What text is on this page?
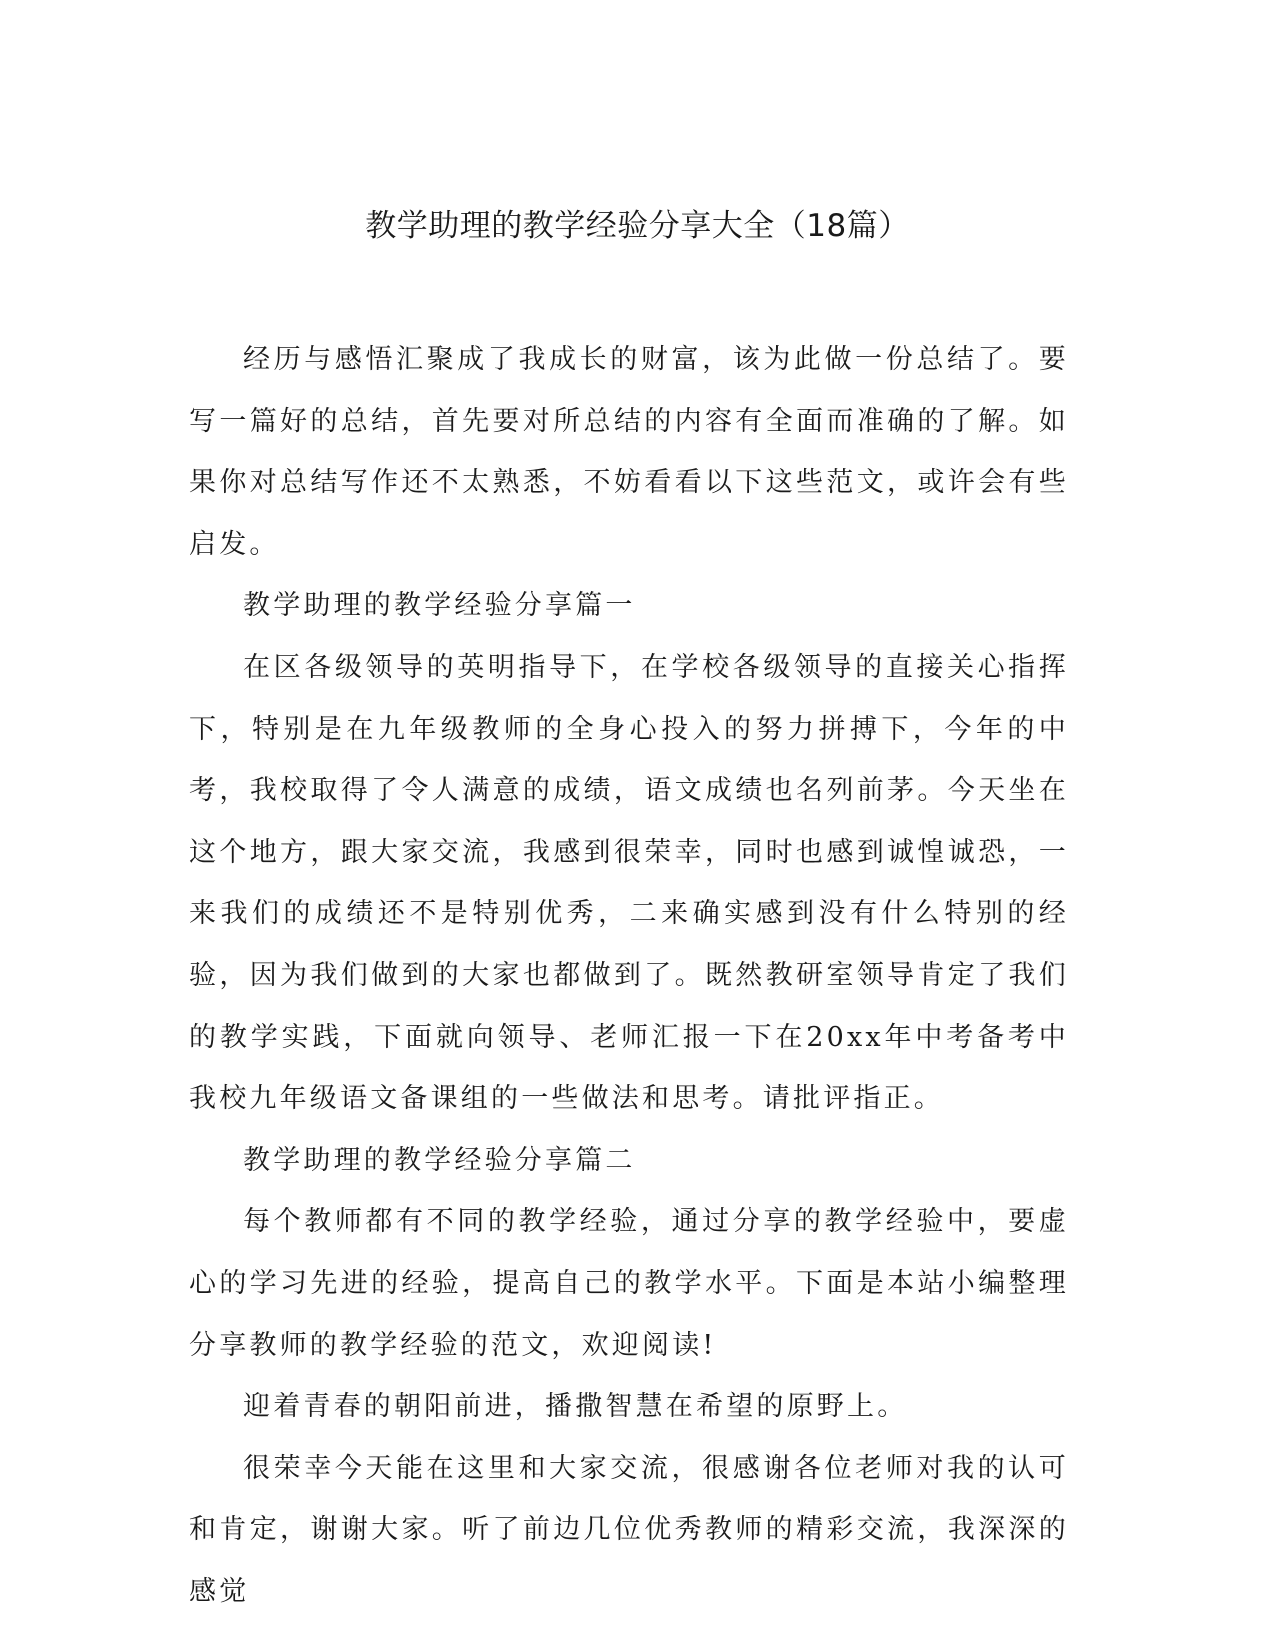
教学助理的教学经验分享大全（18篇）

经历与感悟汇聚成了我成长的财富，该为此做一份总结了。要写一篇好的总结，首先要对所总结的内容有全面而准确的了解。如果你对总结写作还不太熟悉，不妨看看以下这些范文，或许会有些启发。

教学助理的教学经验分享篇一

在区各级领导的英明指导下，在学校各级领导的直接关心指挥下，特别是在九年级教师的全身心投入的努力拼搏下，今年的中考，我校取得了令人满意的成绩，语文成绩也名列前茅。今天坐在这个地方，跟大家交流，我感到很荣幸，同时也感到诚惶诚恐，一来我们的成绩还不是特别优秀，二来确实感到没有什么特别的经验，因为我们做到的大家也都做到了。既然教研室领导肯定了我们的教学实践，下面就向领导、老师汇报一下在20xx年中考备考中我校九年级语文备课组的一些做法和思考。请批评指正。

教学助理的教学经验分享篇二

每个教师都有不同的教学经验，通过分享的教学经验中，要虚心的学习先进的经验，提高自己的教学水平。下面是本站小编整理分享教师的教学经验的范文，欢迎阅读!

迎着青春的朝阳前进，播撒智慧在希望的原野上。

很荣幸今天能在这里和大家交流，很感谢各位老师对我的认可和肯定，谢谢大家。听了前边几位优秀教师的精彩交流，我深深的感觉
